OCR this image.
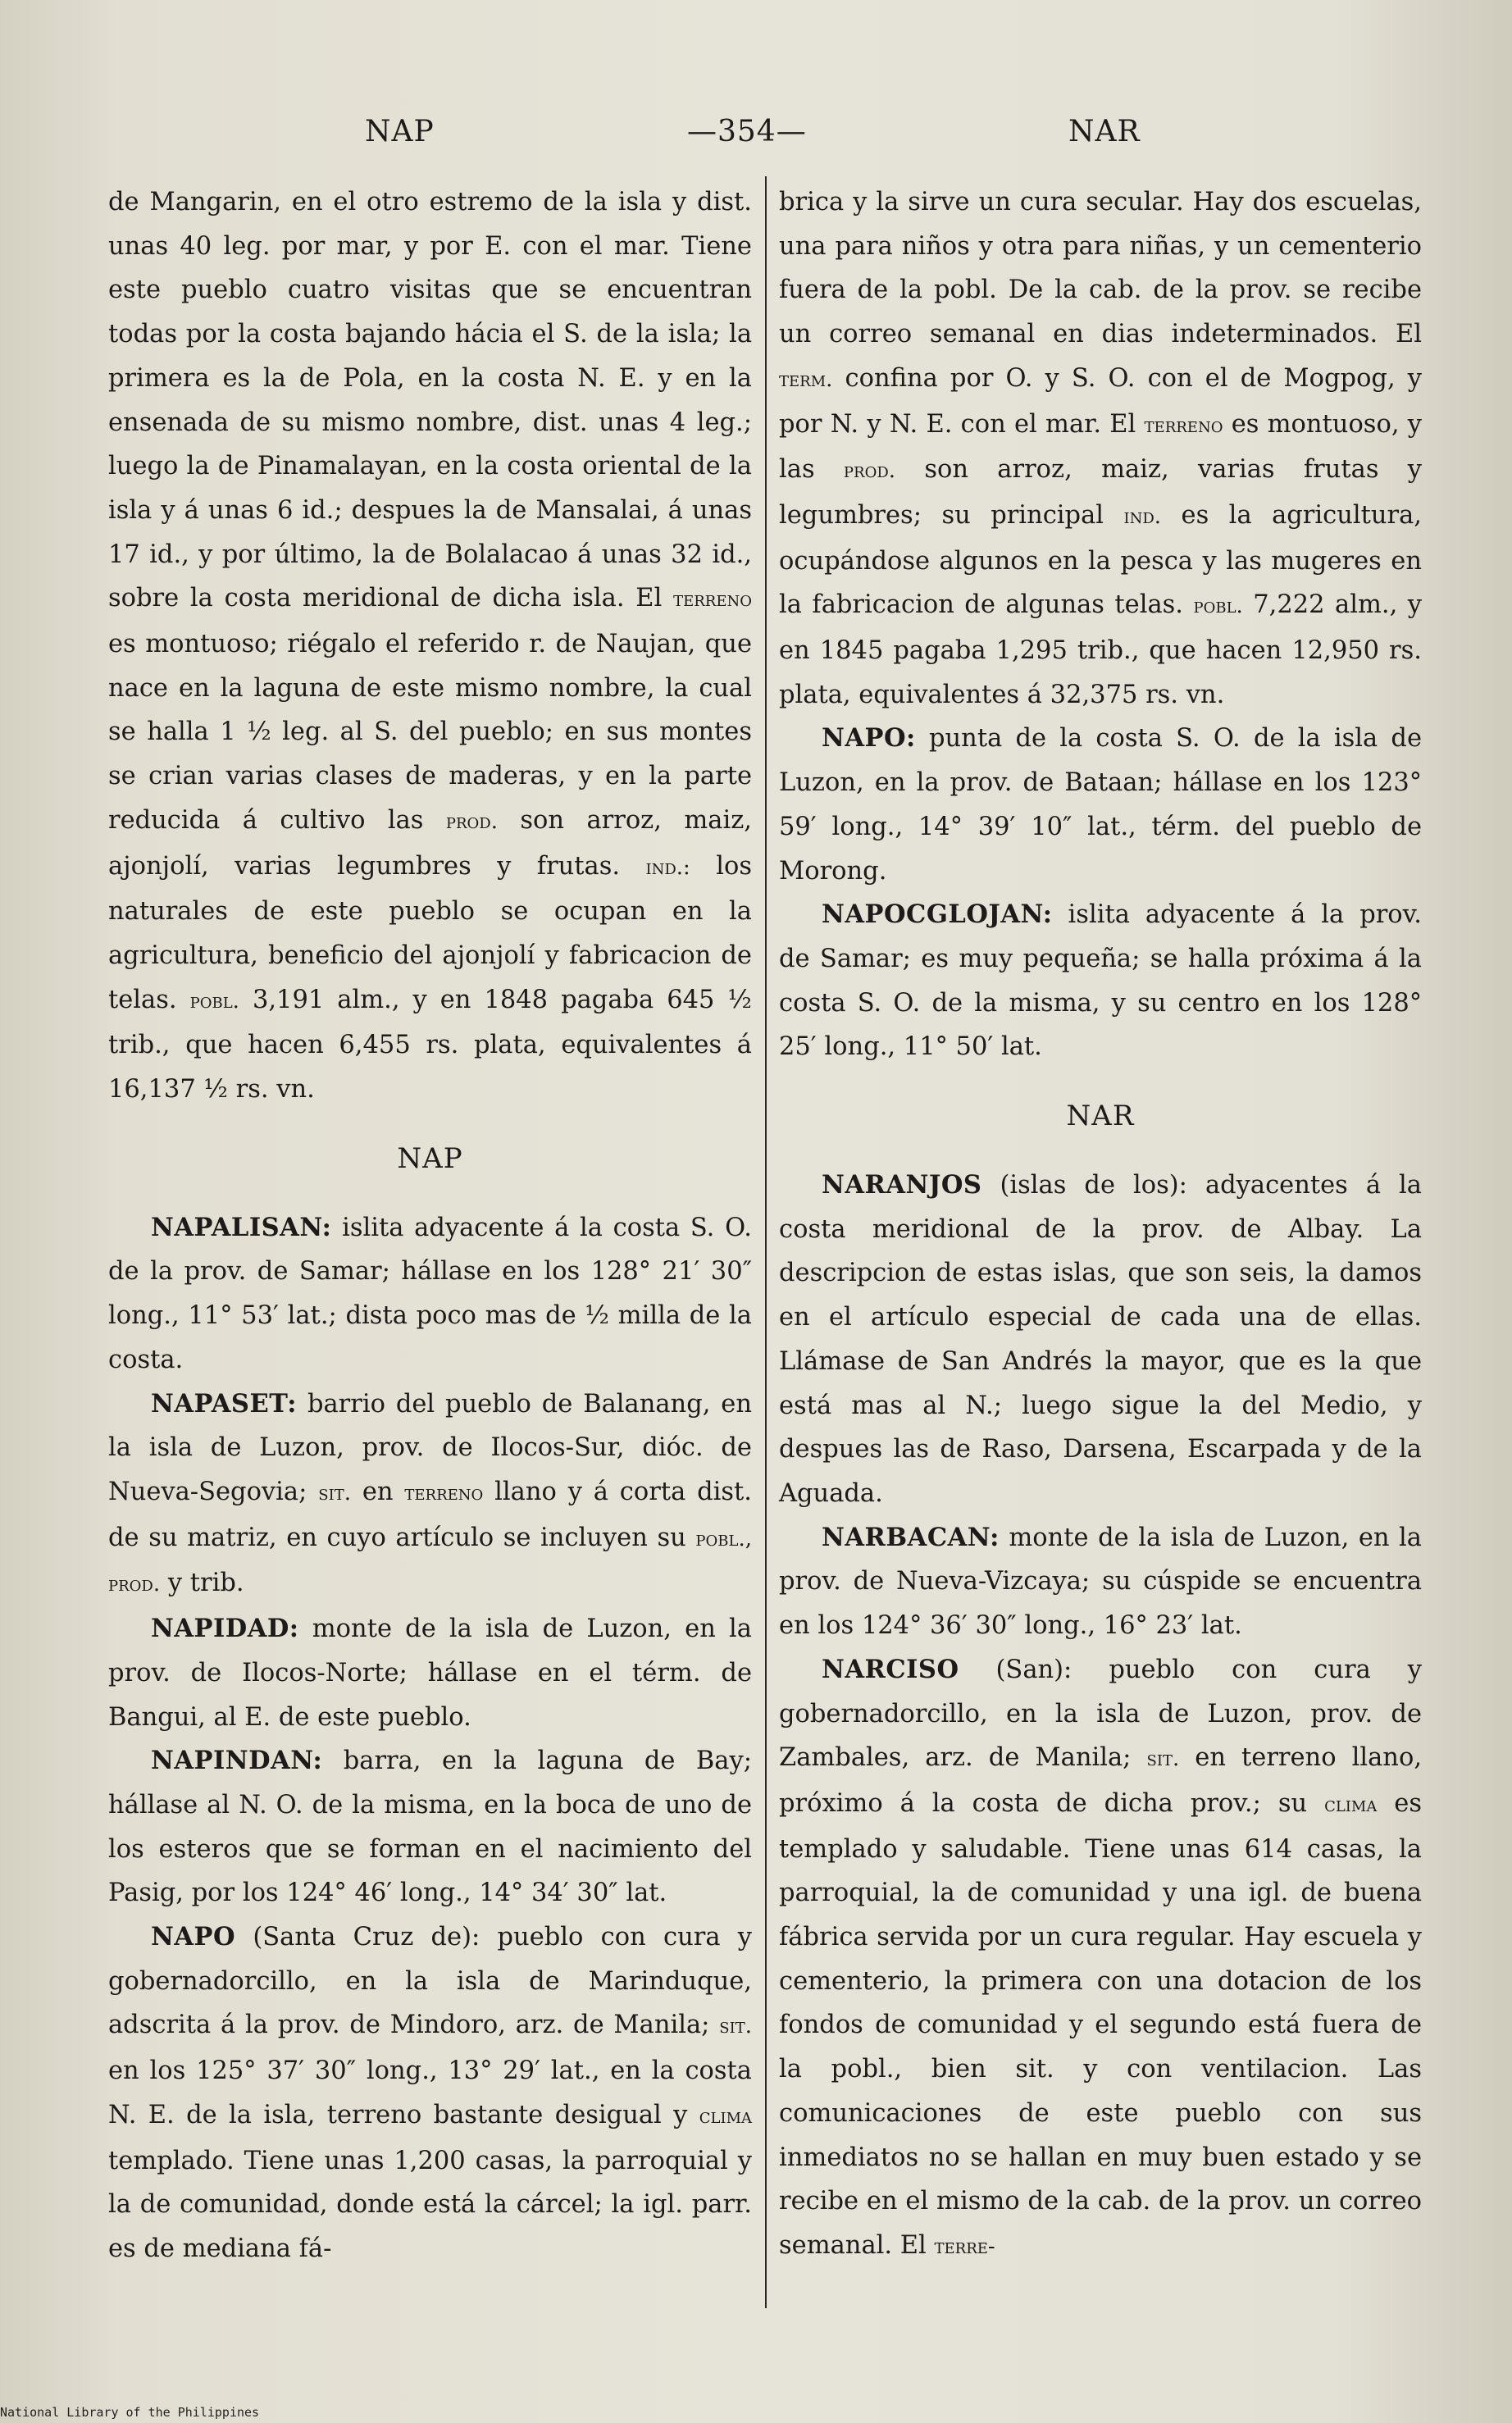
NAP	—354—	NAR

de Mangarin, en el otro estremo de la isla y dist. unas 40 leg. por mar, y por E. con el mar. Tiene este pueblo cuatro visitas que se encuentran todas por la costa bajando hácia el S. de la isla; la primera es la de Pola, en la costa N. E. y en la ensenada de su mismo nombre, dist. unas 4 leg.; luego la de Pinamalayan, en la costa oriental de la isla y á unas 6 id.; despues la de Mansalai, á unas 17 id., y por último, la de Bolalacao á unas 32 id., sobre la costa meridional de dicha isla. El terreno es montuoso; riégalo el referido r. de Naujan, que nace en la laguna de este mismo nombre, la cual se halla 1 ½ leg. al S. del pueblo; en sus montes se crian varias clases de maderas, y en la parte reducida á cultivo las prod. son arroz, maiz, ajonjolí, varias legumbres y frutas. ind.: los naturales de este pueblo se ocupan en la agricultura, beneficio del ajonjolí y fabricacion de telas. pobl. 3,191 alm., y en 1848 pagaba 645 ½ trib., que hacen 6,455 rs. plata, equivalentes á 16,137 ½ rs. vn.

NAP

NAPALISAN: islita adyacente á la costa S. O. de la prov. de Samar; hállase en los 128° 21′ 30″ long., 11° 53′ lat.; dista poco mas de ½ milla de la costa.

NAPASET: barrio del pueblo de Balanang, en la isla de Luzon, prov. de Ilocos-Sur, dióc. de Nueva-Segovia; sit. en terreno llano y á corta dist. de su matriz, en cuyo artículo se incluyen su pobl., prod. y trib.

NAPIDAD: monte de la isla de Luzon, en la prov. de Ilocos-Norte; hállase en el térm. de Bangui, al E. de este pueblo.

NAPINDAN: barra, en la laguna de Bay; hállase al N. O. de la misma, en la boca de uno de los esteros que se forman en el nacimiento del Pasig, por los 124° 46′ long., 14° 34′ 30″ lat.

NAPO (Santa Cruz de): pueblo con cura y gobernadorcillo, en la isla de Marinduque, adscrita á la prov. de Mindoro, arz. de Manila; sit. en los 125° 37′ 30″ long., 13° 29′ lat., en la costa N. E. de la isla, terreno bastante desigual y clima templado. Tiene unas 1,200 casas, la parroquial y la de comunidad, donde está la cárcel; la igl. parr. es de mediana fá-

brica y la sirve un cura secular. Hay dos escuelas, una para niños y otra para niñas, y un cementerio fuera de la pobl. De la cab. de la prov. se recibe un correo semanal en dias indeterminados. El term. confina por O. y S. O. con el de Mogpog, y por N. y N. E. con el mar. El terreno es montuoso, y las prod. son arroz, maiz, varias frutas y legumbres; su principal ind. es la agricultura, ocupándose algunos en la pesca y las mugeres en la fabricacion de algunas telas. pobl. 7,222 alm., y en 1845 pagaba 1,295 trib., que hacen 12,950 rs. plata, equivalentes á 32,375 rs. vn.

NAPO: punta de la costa S. O. de la isla de Luzon, en la prov. de Bataan; hállase en los 123° 59′ long., 14° 39′ 10″ lat., térm. del pueblo de Morong.

NAPOCGLOJAN: islita adyacente á la prov. de Samar; es muy pequeña; se halla próxima á la costa S. O. de la misma, y su centro en los 128° 25′ long., 11° 50′ lat.

NAR

NARANJOS (islas de los): adyacentes á la costa meridional de la prov. de Albay. La descripcion de estas islas, que son seis, la damos en el artículo especial de cada una de ellas. Llámase de San Andrés la mayor, que es la que está mas al N.; luego sigue la del Medio, y despues las de Raso, Darsena, Escarpada y de la Aguada.

NARBACAN: monte de la isla de Luzon, en la prov. de Nueva-Vizcaya; su cúspide se encuentra en los 124° 36′ 30″ long., 16° 23′ lat.

NARCISO (San): pueblo con cura y gobernadorcillo, en la isla de Luzon, prov. de Zambales, arz. de Manila; sit. en terreno llano, próximo á la costa de dicha prov.; su clima es templado y saludable. Tiene unas 614 casas, la parroquial, la de comunidad y una igl. de buena fábrica servida por un cura regular. Hay escuela y cementerio, la primera con una dotacion de los fondos de comunidad y el segundo está fuera de la pobl., bien sit. y con ventilacion. Las comunicaciones de este pueblo con sus inmediatos no se hallan en muy buen estado y se recibe en el mismo de la cab. de la prov. un correo semanal. El terre-

National Library of the Philippines
